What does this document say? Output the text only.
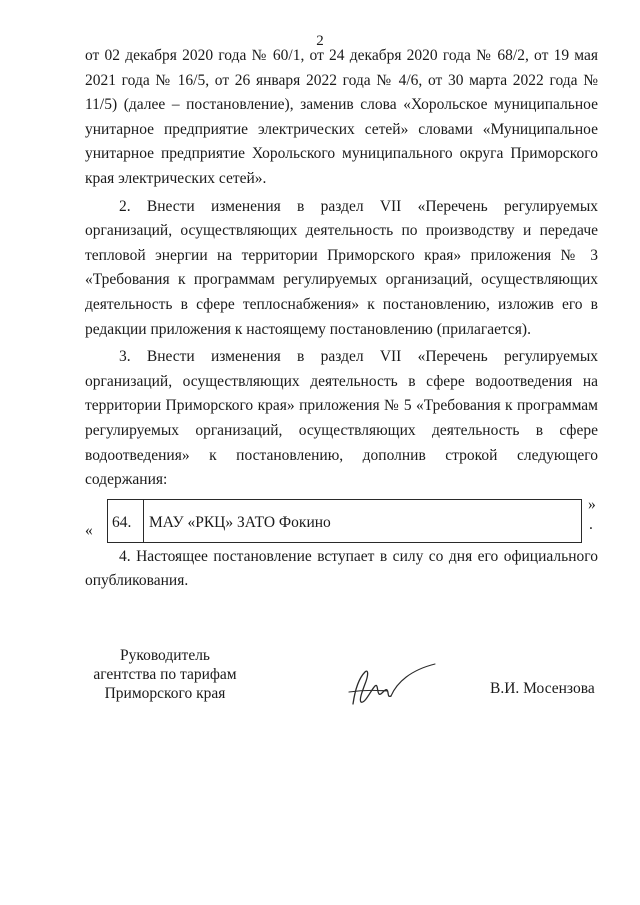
2

от 02 декабря 2020 года № 60/1, от 24 декабря 2020 года № 68/2, от 19 мая 2021 года № 16/5, от 26 января 2022 года № 4/6, от 30 марта 2022 года № 11/5) (далее – постановление), заменив слова «Хорольское муниципальное унитарное предприятие электрических сетей» словами «Муниципальное унитарное предприятие Хорольского муниципального округа Приморского края электрических сетей».

2. Внести изменения в раздел VII «Перечень регулируемых организаций, осуществляющих деятельность по производству и передаче тепловой энергии на территории Приморского края» приложения № 3 «Требования к программам регулируемых организаций, осуществляющих деятельность в сфере теплоснабжения» к постановлению, изложив его в редакции приложения к настоящему постановлению (прилагается).

3. Внести изменения в раздел VII «Перечень регулируемых организаций, осуществляющих деятельность в сфере водоотведения на территории Приморского края» приложения № 5 «Требования к программам регулируемых организаций, осуществляющих деятельность в сфере водоотведения» к постановлению, дополнив строкой следующего содержания:

« 64.	МАУ «РКЦ» ЗАТО Фокино
»
.

4. Настоящее постановление вступает в силу со дня его официального опубликования.

Руководитель
агентства по тарифам
Приморского края	В.И. Мосензова
